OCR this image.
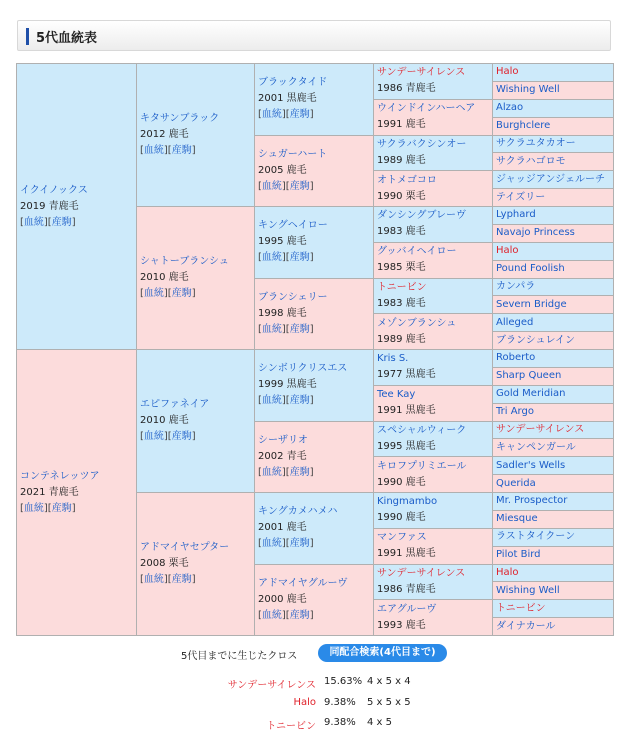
5代血統表
イクイノックス
2019 青鹿毛
[血統][産駒]	キタサンブラック
2012 鹿毛
[血統][産駒]	ブラックタイド
2001 黒鹿毛
[血統][産駒]	サンデーサイレンス
1986 青鹿毛	Halo

				Wishing Well

			ウインドインハーヘア
1991 鹿毛	Alzao

				Burghclere

		シュガーハート
2005 鹿毛
[血統][産駒]	サクラバクシンオー
1989 鹿毛	サクラユタカオー

				サクラハゴロモ

			オトメゴコロ
1990 栗毛	ジャッジアンジェルーチ

				テイズリー

	シャトーブランシュ
2010 鹿毛
[血統][産駒]	キングヘイロー
1995 鹿毛
[血統][産駒]	ダンシングブレーヴ
1983 鹿毛	Lyphard

				Navajo Princess

			グッバイヘイロー
1985 栗毛	Halo

				Pound Foolish

		ブランシェリー
1998 鹿毛
[血統][産駒]	トニービン
1983 鹿毛	カンパラ

				Severn Bridge

			メゾンブランシュ
1989 鹿毛	Alleged

				ブランシュレイン

コンテネレッツア
2021 青鹿毛
[血統][産駒]	エピファネイア
2010 鹿毛
[血統][産駒]	シンボリクリスエス
1999 黒鹿毛
[血統][産駒]	Kris S.
1977 黒鹿毛	Roberto

				Sharp Queen

			Tee Kay
1991 黒鹿毛	Gold Meridian

				Tri Argo

		シーザリオ
2002 青毛
[血統][産駒]	スペシャルウィーク
1995 黒鹿毛	サンデーサイレンス

				キャンペンガール

			キロフプリミエール
1990 鹿毛	Sadler's Wells

				Querida

	アドマイヤセプター
2008 栗毛
[血統][産駒]	キングカメハメハ
2001 鹿毛
[血統][産駒]	Kingmambo
1990 鹿毛	Mr. Prospector

				Miesque

			マンファス
1991 黒鹿毛	ラストタイクーン

				Pilot Bird

		アドマイヤグルーヴ
2000 鹿毛
[血統][産駒]	サンデーサイレンス
1986 青鹿毛	Halo

				Wishing Well

			エアグルーヴ
1993 鹿毛	トニービン

				ダイナカール
5代目までに生じたクロス	同配合検索(4代目まで)
サンデーサイレンス 15.63% 4 x 5 x 4
Halo 9.38% 5 x 5 x 5
トニービン 9.38% 4 x 5
